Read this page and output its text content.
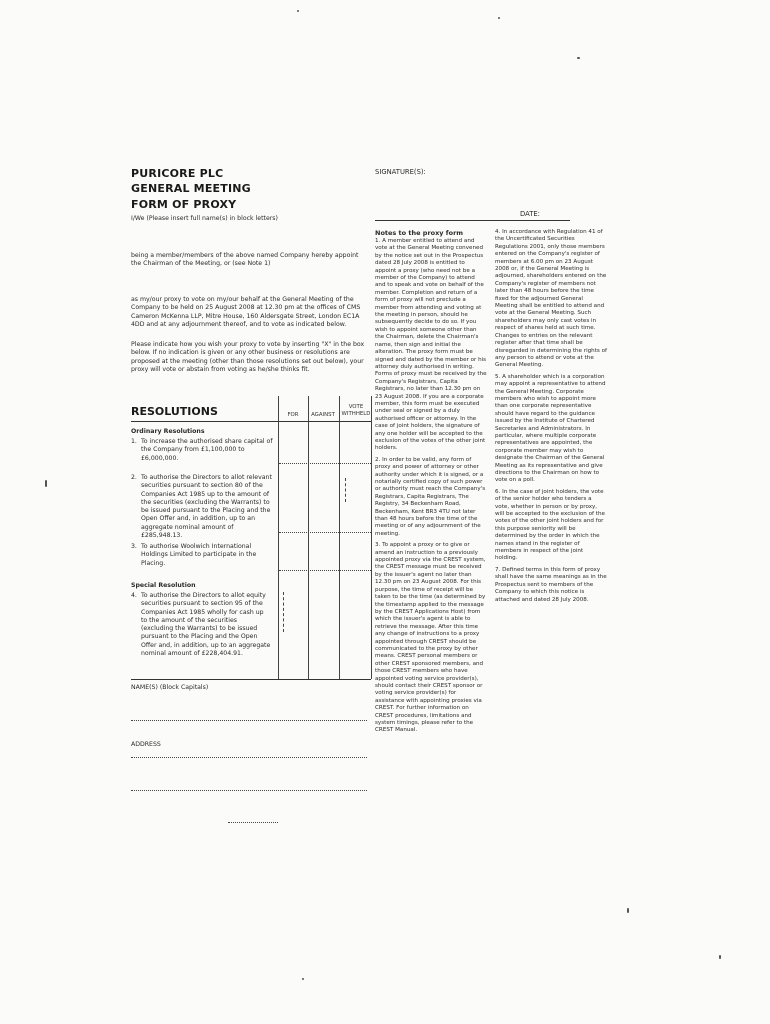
PURICORE PLC
GENERAL MEETING
FORM OF PROXY
I/We (Please insert full name(s) in block letters)
SIGNATURE(S):
DATE:
being a member/members of the above named Company hereby appoint the Chairman of the Meeting, or (see Note 1)
as my/our proxy to vote on my/our behalf at the General Meeting of the Company to be held on 25 August 2008 at 12.30 pm at the offices of CMS Cameron McKenna LLP, Mitre House, 160 Aldersgate Street, London EC1A 4DD and at any adjournment thereof, and to vote as indicated below.
Please indicate how you wish your proxy to vote by inserting "X" in the box below. If no indication is given or any other business or resolutions are proposed at the meeting (other than those resolutions set out below), your proxy will vote or abstain from voting as he/she thinks fit.
RESOLUTIONS	FOR	AGAINST
VOTE WITHHELD
Ordinary Resolutions
1. To increase the authorised share capital of the Company from £1,100,000 to £6,000,000.
2. To authorise the Directors to allot relevant securities pursuant to section 80 of the Companies Act 1985 up to the amount of the securities (excluding the Warrants) to be issued pursuant to the Placing and the Open Offer and, in addition, up to an aggregate nominal amount of £285,948.13.
3. To authorise Woolwich International Holdings Limited to participate in the Placing.
Special Resolution
4. To authorise the Directors to allot equity securities pursuant to section 95 of the Companies Act 1985 wholly for cash up to the amount of the securities (excluding the Warrants) to be issued pursuant to the Placing and the Open Offer and, in addition, up to an aggregate nominal amount of £228,404.91.
NAME(S) (Block Capitals)
ADDRESS
Notes to the proxy form

1. A member entitled to attend and vote at the General Meeting convened by the notice set out in the Prospectus dated 28 July 2008 is entitled to appoint a proxy (who need not be a member of the Company) to attend and to speak and vote on behalf of the member. Completion and return of a form of proxy will not preclude a member from attending and voting at the meeting in person, should he subsequently decide to do so. If you wish to appoint someone other than the Chairman, delete the Chairman's name, then sign and initial the alteration. The proxy form must be signed and dated by the member or his attorney duly authorised in writing. Forms of proxy must be received by the Company's Registrars, Capita Registrars, no later than 12.30 pm on 23 August 2008. If you are a corporate member, this form must be executed under seal or signed by a duly authorised officer or attorney. In the case of joint holders, the signature of any one holder will be accepted to the exclusion of the votes of the other joint holders.

2. In order to be valid, any form of proxy and power of attorney or other authority under which it is signed, or a notarially certified copy of such power or authority must reach the Company's Registrars, Capita Registrars, The Registry, 34 Beckenham Road, Beckenham, Kent BR3 4TU not later than 48 hours before the time of the meeting or of any adjournment of the meeting.

3. To appoint a proxy or to give or amend an instruction to a previously appointed proxy via the CREST system, the CREST message must be received by the issuer's agent no later than 12.30 pm on 23 August 2008. For this purpose, the time of receipt will be taken to be the time (as determined by the timestamp applied to the message by the CREST Applications Host) from which the issuer's agent is able to retrieve the message. After this time any change of instructions to a proxy appointed through CREST should be communicated to the proxy by other means. CREST personal members or other CREST sponsored members, and those CREST members who have appointed voting service provider(s), should contact their CREST sponsor or voting service provider(s) for assistance with appointing proxies via CREST. For further information on CREST procedures, limitations and system timings, please refer to the CREST Manual.

4. In accordance with Regulation 41 of the Uncertificated Securities Regulations 2001, only those members entered on the Company's register of members at 6.00 pm on 23 August 2008 or, if the General Meeting is adjourned, shareholders entered on the Company's register of members not later than 48 hours before the time fixed for the adjourned General Meeting shall be entitled to attend and vote at the General Meeting. Such shareholders may only cast votes in respect of shares held at such time. Changes to entries on the relevant register after that time shall be disregarded in determining the rights of any person to attend or vote at the General Meeting.

5. A shareholder which is a corporation may appoint a representative to attend the General Meeting. Corporate members who wish to appoint more than one corporate representative should have regard to the guidance issued by the Institute of Chartered Secretaries and Administrators. In particular, where multiple corporate representatives are appointed, the corporate member may wish to designate the Chairman of the General Meeting as its representative and give directions to the Chairman on how to vote on a poll.

6. In the case of joint holders, the vote of the senior holder who tenders a vote, whether in person or by proxy, will be accepted to the exclusion of the votes of the other joint holders and for this purpose seniority will be determined by the order in which the names stand in the register of members in respect of the joint holding.

7. Defined terms in this form of proxy shall have the same meanings as in the Prospectus sent to members of the Company to which this notice is attached and dated 28 July 2008.
